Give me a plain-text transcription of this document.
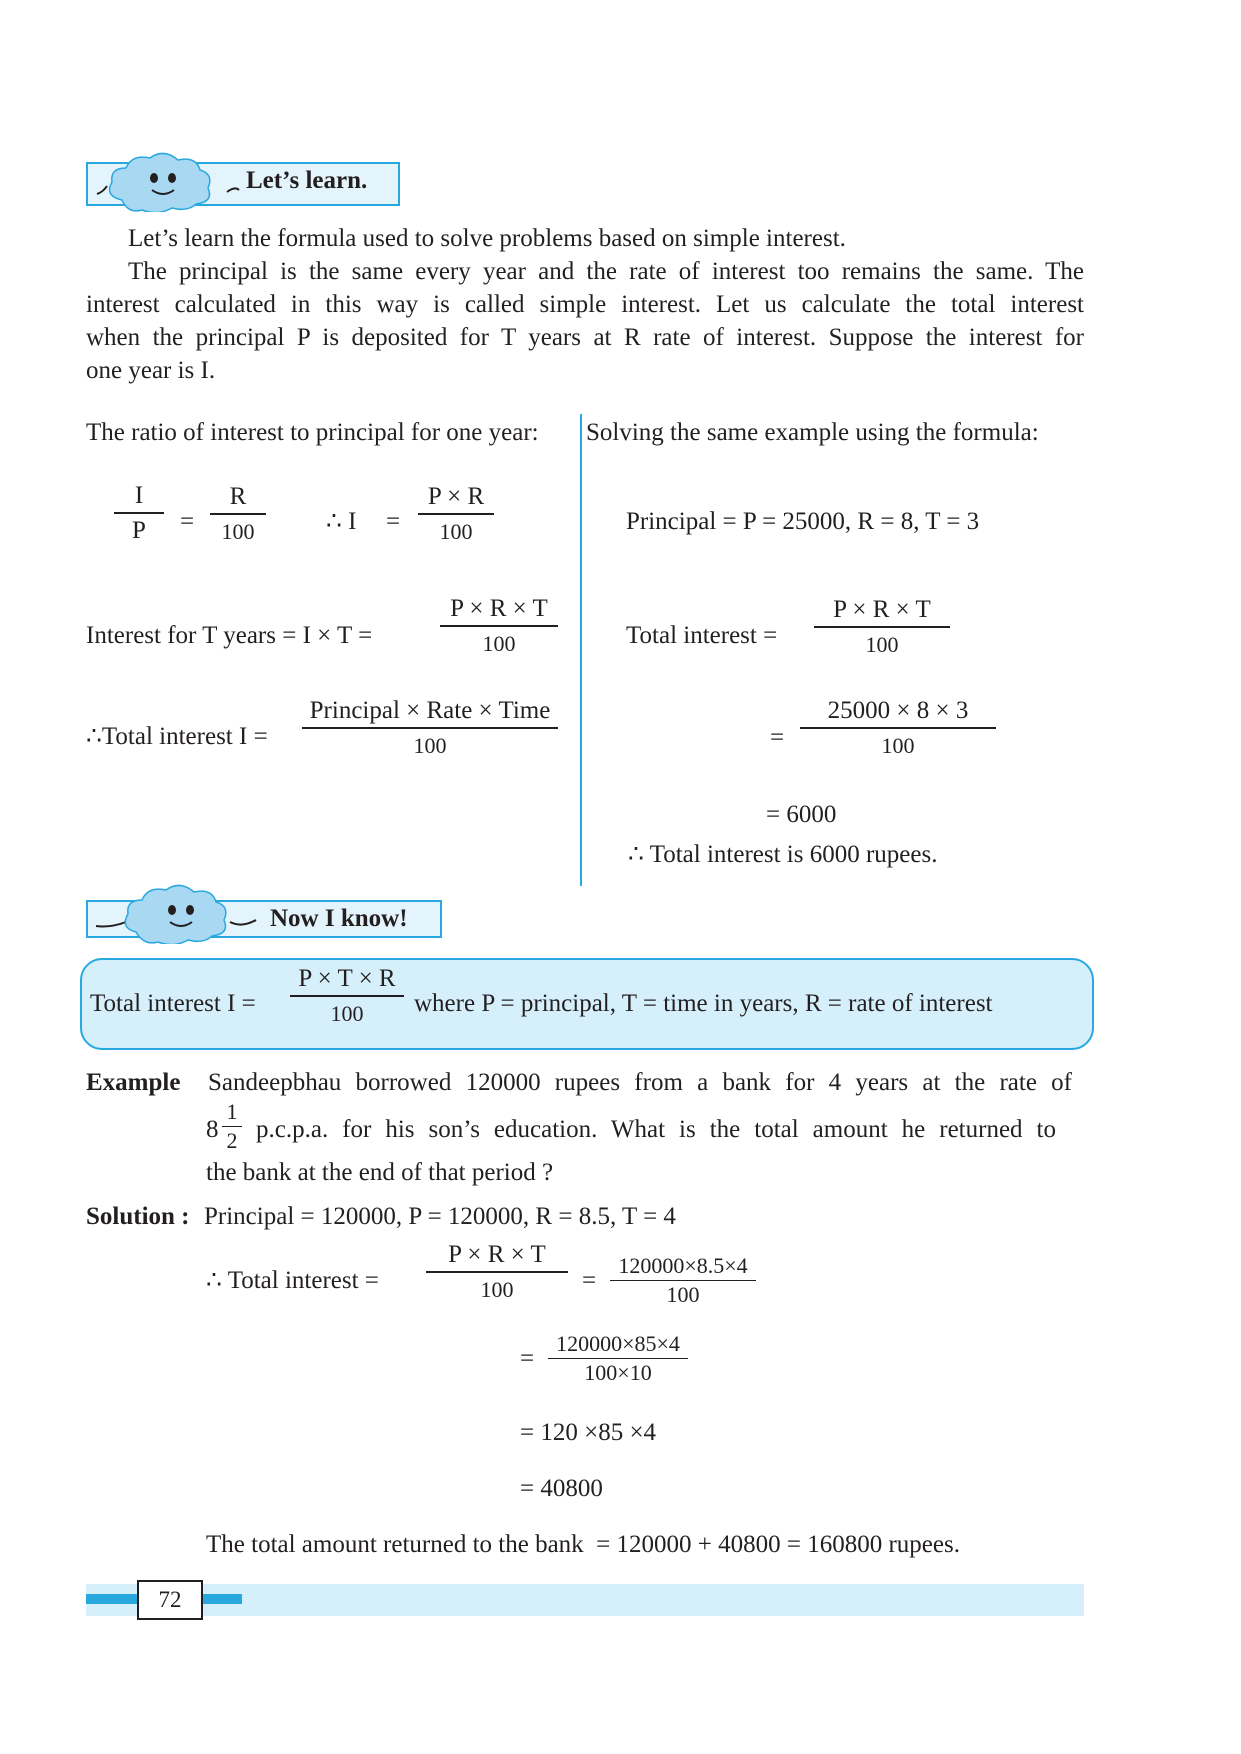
Let’s learn.
Let’s learn the formula used to solve problems based on simple interest.
The principal is the same every year and the rate of interest too remains the same. The
interest calculated in this way is called simple interest. Let us calculate the total interest
when the principal P is deposited for T years at R rate of interest. Suppose the interest for
one year is I.
The ratio of interest to principal for one year:
I
P	=
R
100	∴ I =
P × R
100
Interest for T years = I × T =
P × R × T
100
∴Total interest I =
Principal × Rate × Time
100
Solving the same example using the formula:
Principal = P = 25000, R = 8, T = 3
Total interest =
P × R × T
100
=
25000 × 8 × 3
100
= 6000
∴ Total interest is 6000 rupees.
Now I know!
Total interest I =
P × T × R
100	where P = principal, T = time in years, R = rate of interest
Example Sandeepbhau borrowed 120000 rupees from a bank for 4 years at the rate of
8
1
2 p.c.p.a. for his son’s education. What is the total amount he returned to
the bank at the end of that period ?
Solution : Principal = 120000, P = 120000, R = 8.5, T = 4
∴ Total interest =
P × R × T
100	=
120000×8.5×4
100
=
120000×85×4
100×10
= 120 ×85 ×4
= 40800
The total amount returned to the bank  = 120000 + 40800 = 160800 rupees.
72
